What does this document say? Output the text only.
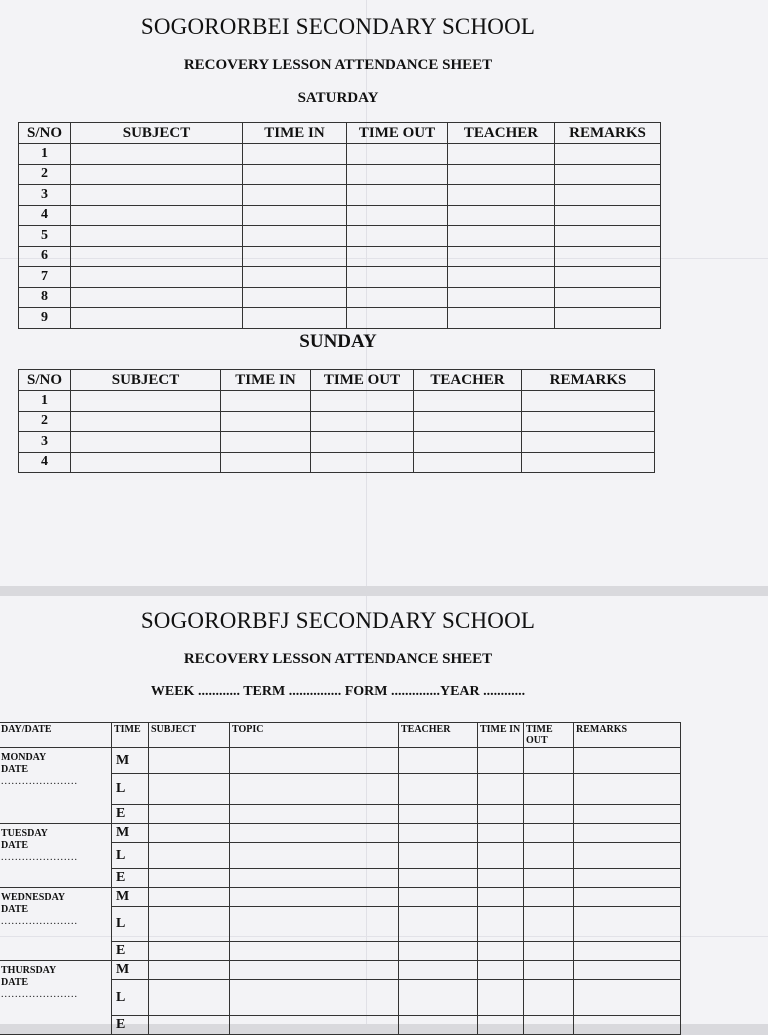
SOGORORBEI SECONDARY SCHOOL
RECOVERY LESSON ATTENDANCE SHEET
SATURDAY
S/NO	SUBJECT	TIME IN	TIME OUT	TEACHER	REMARKS
1					
2					
3					
4					
5					
6					
7					
8					
9					
SUNDAY
S/NO	SUBJECT	TIME IN	TIME OUT	TEACHER	REMARKS
1					
2					
3					
4					
SOGORORΒFJ SECONDARY SCHOOL
RECOVERY LESSON ATTENDANCE SHEET
WEEK ............ TERM ............... FORM ..............YEAR ............
DAY/DATE	TIME	SUBJECT	TOPIC	TEACHER	TIME IN	TIME OUT	REMARKS
MONDAY
DATE
......................	M						
	L						
	E						
TUESDAY
DATE
......................	M						
	L						
	E						
WEDNESDAY
DATE
......................	M						
	L						
	E						
THURSDAY
DATE
......................	M						
	L						
	E						
